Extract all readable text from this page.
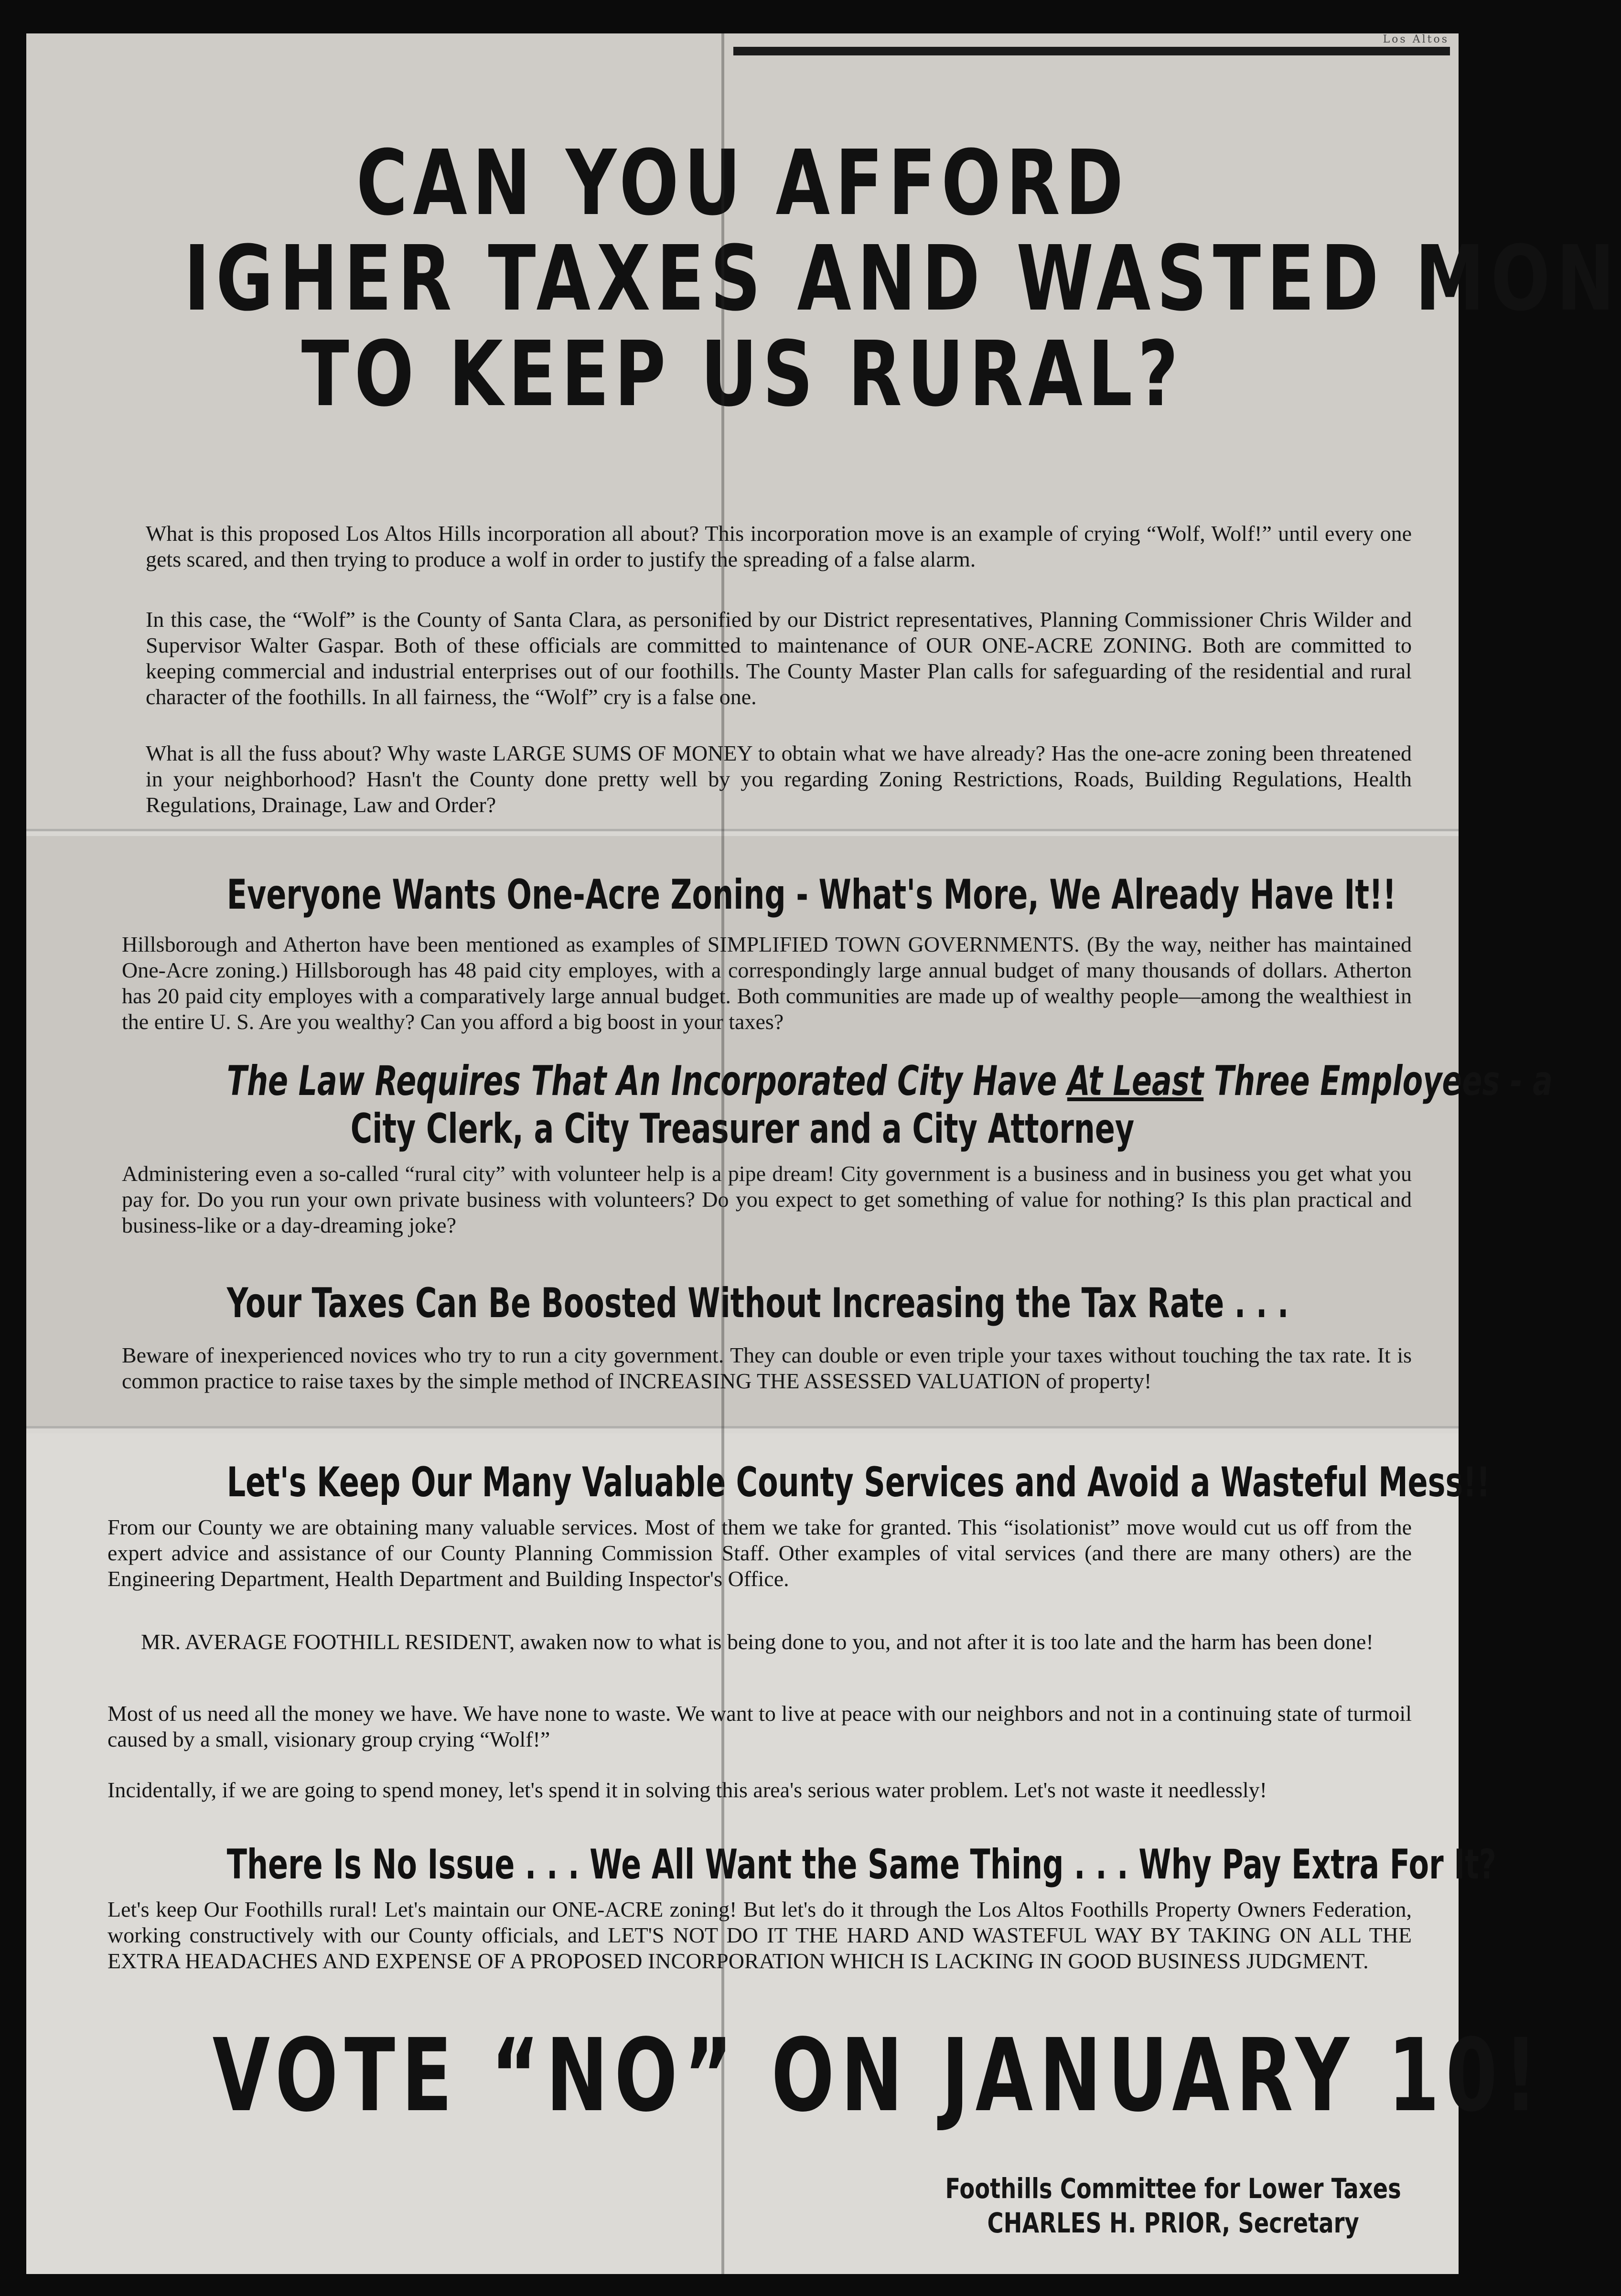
Los Altos
CAN YOU AFFORD
IGHER TAXES AND WASTED MON
TO KEEP US RURAL?
What is this proposed Los Altos Hills incorporation all about? This incorporation move is an example of crying “Wolf, Wolf!” until every one gets scared, and then trying to produce a wolf in order to justify the spreading of a false alarm.
In this case, the “Wolf” is the County of Santa Clara, as personified by our District representatives, Planning Commissioner Chris Wilder and Supervisor Walter Gaspar. Both of these officials are committed to maintenance of OUR ONE-ACRE ZONING. Both are committed to keeping commercial and industrial enterprises out of our foothills. The County Master Plan calls for safeguarding of the residential and rural character of the foothills. In all fairness, the “Wolf” cry is a false one.
What is all the fuss about? Why waste LARGE SUMS OF MONEY to obtain what we have already? Has the one-acre zoning been threatened in your neighborhood? Hasn't the County done pretty well by you regarding Zoning Restrictions, Roads, Building Regulations, Health Regulations, Drainage, Law and Order?
Everyone Wants One-Acre Zoning - What's More, We Already Have It!!
Hillsborough and Atherton have been mentioned as examples of SIMPLIFIED TOWN GOVERNMENTS. (By the way, neither has maintained One-Acre zoning.) Hillsborough has 48 paid city employes, with a correspondingly large annual budget of many thousands of dollars. Atherton has 20 paid city employes with a comparatively large annual budget. Both communities are made up of wealthy people—among the wealthiest in the entire U. S. Are you wealthy? Can you afford a big boost in your taxes?
The Law Requires That An Incorporated City Have At Least Three Employees - a
City Clerk, a City Treasurer and a City Attorney
Administering even a so-called “rural city” with volunteer help is a pipe dream! City government is a business and in business you get what you pay for. Do you run your own private business with volunteers? Do you expect to get something of value for nothing? Is this plan practical and business-like or a day-dreaming joke?
Your Taxes Can Be Boosted Without Increasing the Tax Rate . . .
Beware of inexperienced novices who try to run a city government. They can double or even triple your taxes without touching the tax rate. It is common practice to raise taxes by the simple method of INCREASING THE ASSESSED VALUATION of property!
Let's Keep Our Many Valuable County Services and Avoid a Wasteful Mess!!
From our County we are obtaining many valuable services. Most of them we take for granted. This “isolationist” move would cut us off from the expert advice and assistance of our County Planning Commission Staff. Other examples of vital services (and there are many others) are the Engineering Department, Health Department and Building Inspector's Office.
MR. AVERAGE FOOTHILL RESIDENT, awaken now to what is being done to you, and not after it is too late and the harm has been done!
Most of us need all the money we have. We have none to waste. We want to live at peace with our neighbors and not in a continuing state of turmoil caused by a small, visionary group crying “Wolf!”
Incidentally, if we are going to spend money, let's spend it in solving this area's serious water problem. Let's not waste it needlessly!
There Is No Issue . . . We All Want the Same Thing . . . Why Pay Extra For It?
Let's keep Our Foothills rural! Let's maintain our ONE-ACRE zoning! But let's do it through the Los Altos Foothills Property Owners Federation, working constructively with our County officials, and LET'S NOT DO IT THE HARD AND WASTEFUL WAY BY TAKING ON ALL THE EXTRA HEADACHES AND EXPENSE OF A PROPOSED INCORPORATION WHICH IS LACKING IN GOOD BUSINESS JUDGMENT.
VOTE “NO” ON JANUARY 10!
Foothills Committee for Lower Taxes
CHARLES H. PRIOR, Secretary
